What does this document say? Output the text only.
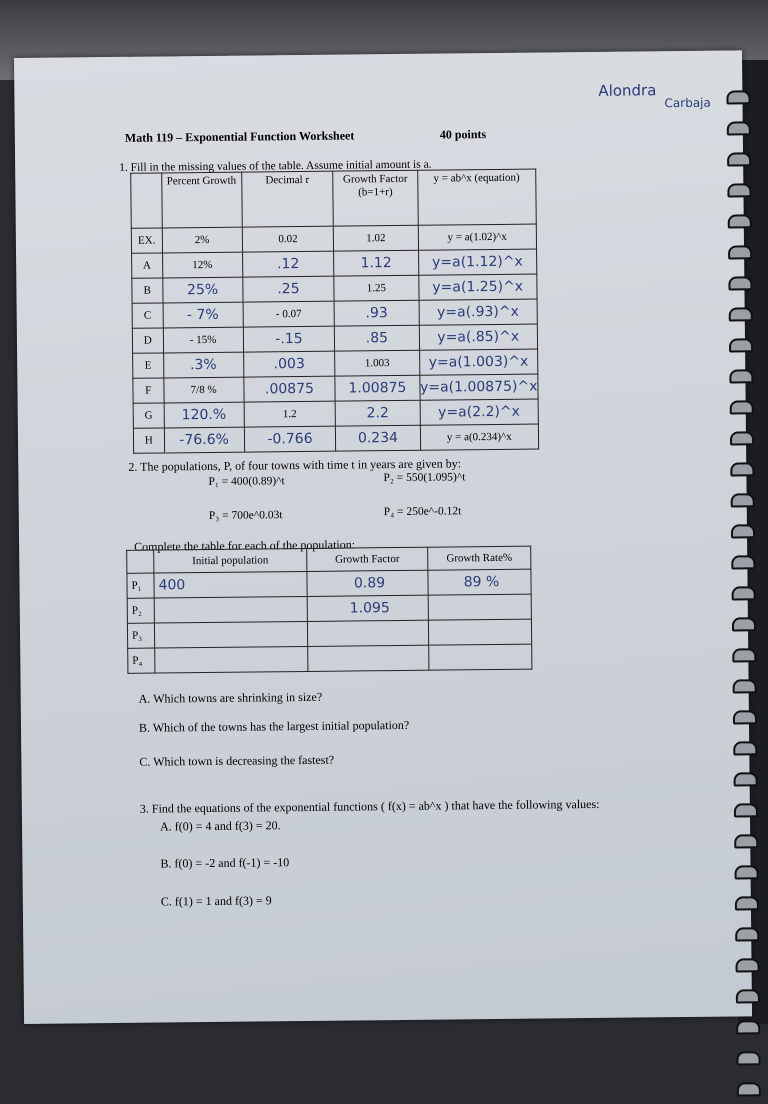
Alondra
Carbaja
Math 119 – Exponential Function Worksheet	40 points
1. Fill in the missing values of the table. Assume initial amount is a.
	Percent Growth	Decimal r	Growth Factor (b=1+r)	y = ab^x (equation)
EX.	2%	0.02	1.02	y = a(1.02)^x
A	12%	.12	1.12	y=a(1.12)^x
B	25%	.25	1.25	y=a(1.25)^x
C	- 7%	- 0.07	.93	y=a(.93)^x
D	- 15%	-.15	.85	y=a(.85)^x
E	.3%	.003	1.003	y=a(1.003)^x
F	7/8 %	.00875	1.00875	y=a(1.00875)^x
G	120.%	1.2	2.2	y=a(2.2)^x
H	-76.6%	-0.766	0.234	y = a(0.234)^x
2. The populations, P, of four towns with time t in years are given by:
P₁ = 400(0.89)^t	P₂ = 550(1.095)^t
P₃ = 700e^0.03t	P₄ = 250e^-0.12t
Complete the table for each of the population:
	Initial population	Growth Factor	Growth Rate%
P₁	400	0.89	89 %
P₂		1.095	
P₃			
P₄			
A. Which towns are shrinking in size?
B. Which of the towns has the largest initial population?
C. Which town is decreasing the fastest?
3. Find the equations of the exponential functions ( f(x) = ab^x ) that have the following values:
A. f(0) = 4 and f(3) = 20.
B. f(0) = -2 and f(-1) = -10
C. f(1) = 1 and f(3) = 9
